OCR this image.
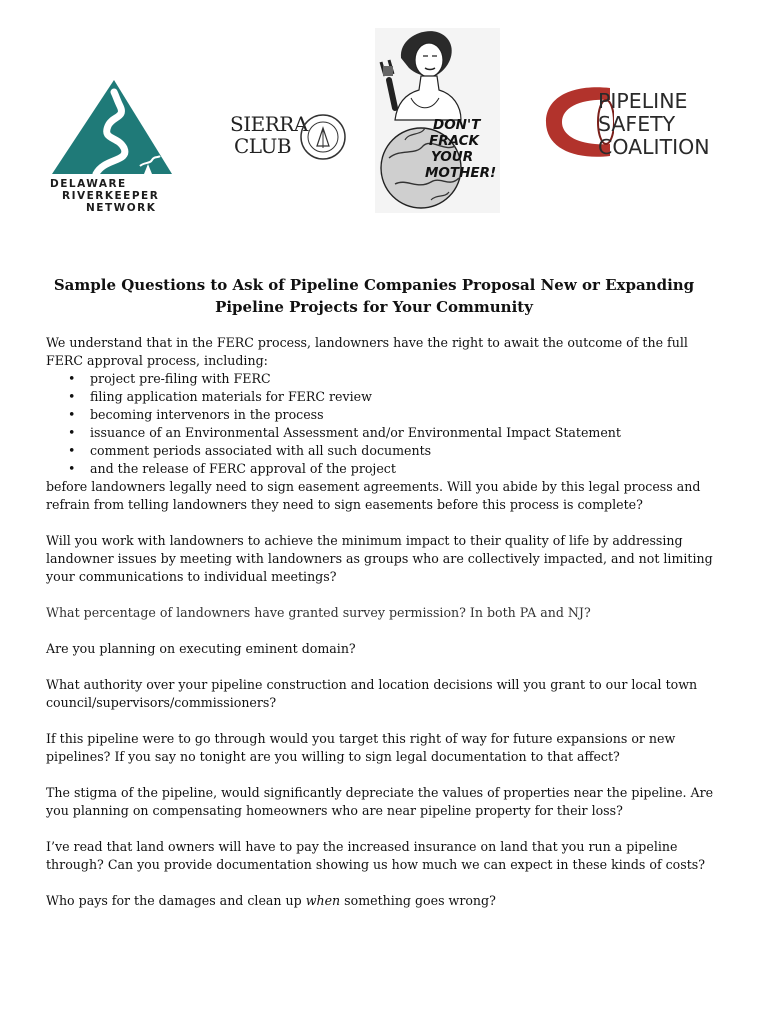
DELAWARE
RIVERKEEPER
NETWORK
SIERRA
CLUB
DON'T
FRACK
YOUR
MOTHER!
PIPELINE
SAFETY
COALITION
Sample Questions to Ask of Pipeline Companies Proposal New or Expanding
Pipeline Projects for Your Community

We understand that in the FERC process, landowners have the right to await the outcome of the full FERC approval process, including:

• project pre-filing with FERC
• filing application materials for FERC review
• becoming intervenors in the process
• issuance of an Environmental Assessment and/or Environmental Impact Statement
• comment periods associated with all such documents
• and the release of FERC approval of the project

before landowners legally need to sign easement agreements. Will you abide by this legal process and refrain from telling landowners they need to sign easements before this process is complete?

Will you work with landowners to achieve the minimum impact to their quality of life by addressing landowner issues by meeting with landowners as groups who are collectively impacted, and not limiting your communications to individual meetings?

What percentage of landowners have granted survey permission? In both PA and NJ?

Are you planning on executing eminent domain?

What authority over your pipeline construction and location decisions will you grant to our local town council/supervisors/commissioners?

If this pipeline were to go through would you target this right of way for future expansions or new pipelines? If you say no tonight are you willing to sign legal documentation to that affect?

The stigma of the pipeline, would significantly depreciate the values of properties near the pipeline. Are you planning on compensating homeowners who are near pipeline property for their loss?

I’ve read that land owners will have to pay the increased insurance on land that you run a pipeline through? Can you provide documentation showing us how much we can expect in these kinds of costs?

Who pays for the damages and clean up when something goes wrong?
